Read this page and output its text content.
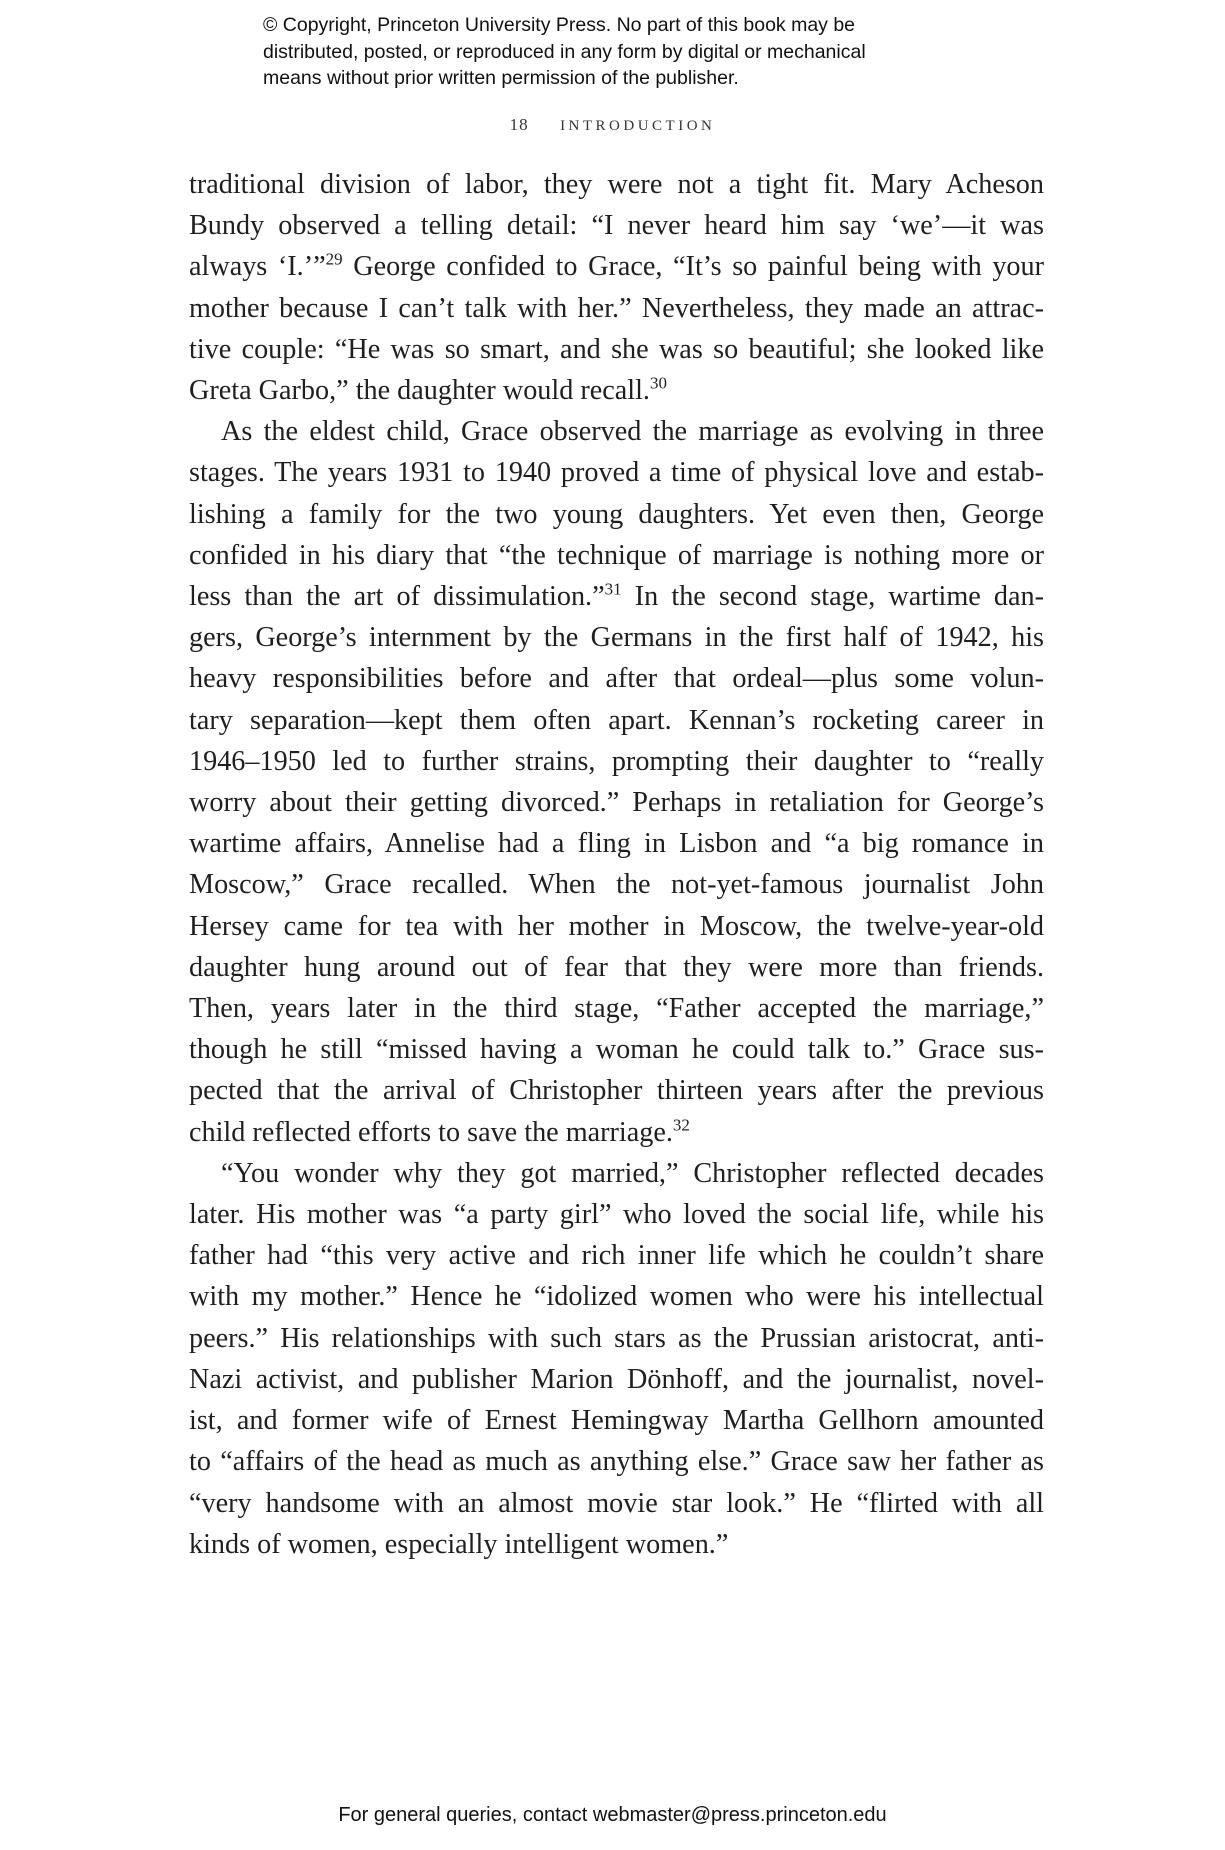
© Copyright, Princeton University Press. No part of this book may be
distributed, posted, or reproduced in any form by digital or mechanical
means without prior written permission of the publisher.
18 introduction
traditional division of labor, they were not a tight fit. Mary Acheson
Bundy observed a telling detail: “I never heard him say ‘we’—it was
always ‘I.’”$^{29}$ George confided to Grace, “It’s so painful being with your
mother because I can’t talk with her.” Nevertheless, they made an attrac-
tive couple: “He was so smart, and she was so beautiful; she looked like
Greta Garbo,” the daughter would recall.$^{30}$
As the eldest child, Grace observed the marriage as evolving in three
stages. The years 1931 to 1940 proved a time of physical love and estab-
lishing a family for the two young daughters. Yet even then, George
confided in his diary that “the technique of marriage is nothing more or
less than the art of dissimulation.”$^{31}$ In the second stage, wartime dan-
gers, George’s internment by the Germans in the first half of 1942, his
heavy responsibilities before and after that ordeal—plus some volun-
tary separation—kept them often apart. Kennan’s rocketing career in
1946–1950 led to further strains, prompting their daughter to “really
worry about their getting divorced.” Perhaps in retaliation for George’s
wartime affairs, Annelise had a fling in Lisbon and “a big romance in
Moscow,” Grace recalled. When the not-yet-famous journalist John
Hersey came for tea with her mother in Moscow, the twelve-year-old
daughter hung around out of fear that they were more than friends.
Then, years later in the third stage, “Father accepted the marriage,”
though he still “missed having a woman he could talk to.” Grace sus-
pected that the arrival of Christopher thirteen years after the previous
child reflected efforts to save the marriage.$^{32}$
“You wonder why they got married,” Christopher reflected decades
later. His mother was “a party girl” who loved the social life, while his
father had “this very active and rich inner life which he couldn’t share
with my mother.” Hence he “idolized women who were his intellectual
peers.” His relationships with such stars as the Prussian aristocrat, anti-
Nazi activist, and publisher Marion Dönhoff, and the journalist, novel-
ist, and former wife of Ernest Hemingway Martha Gellhorn amounted
to “affairs of the head as much as anything else.” Grace saw her father as
“very handsome with an almost movie star look.” He “flirted with all
kinds of women, especially intelligent women.”
For general queries, contact webmaster@press.princeton.edu
